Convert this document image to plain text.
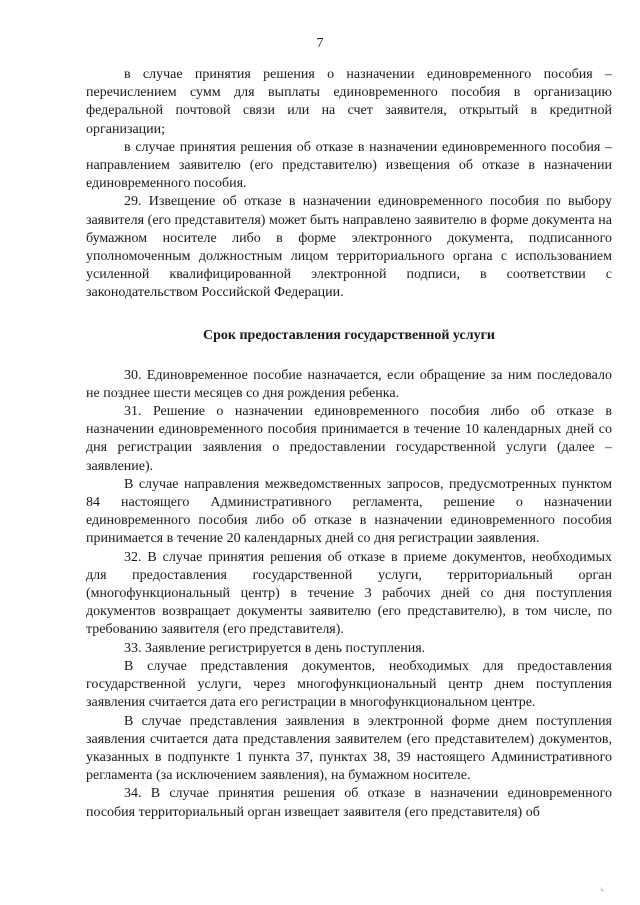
7

в случае принятия решения о назначении единовременного пособия – перечислением сумм для выплаты единовременного пособия в организацию федеральной почтовой связи или на счет заявителя, открытый в кредитной организации;

в случае принятия решения об отказе в назначении единовременного пособия – направлением заявителю (его представителю) извещения об отказе в назначении единовременного пособия.

29. Извещение об отказе в назначении единовременного пособия по выбору заявителя (его представителя) может быть направлено заявителю в форме документа на бумажном носителе либо в форме электронного документа, подписанного уполномоченным должностным лицом территориального органа с использованием усиленной квалифицированной электронной подписи, в соответствии с законодательством Российской Федерации.

Срок предоставления государственной услуги

30. Единовременное пособие назначается, если обращение за ним последовало не позднее шести месяцев со дня рождения ребенка.

31. Решение о назначении единовременного пособия либо об отказе в назначении единовременного пособия принимается в течение 10 календарных дней со дня регистрации заявления о предоставлении государственной услуги (далее – заявление).

В случае направления межведомственных запросов, предусмотренных пунктом 84 настоящего Административного регламента, решение о назначении единовременного пособия либо об отказе в назначении единовременного пособия принимается в течение 20 календарных дней со дня регистрации заявления.

32. В случае принятия решения об отказе в приеме документов, необходимых для предоставления государственной услуги, территориальный орган (многофункциональный центр) в течение 3 рабочих дней со дня поступления документов возвращает документы заявителю (его представителю), в том числе, по требованию заявителя (его представителя).

33. Заявление регистрируется в день поступления.

В случае представления документов, необходимых для предоставления государственной услуги, через многофункциональный центр днем поступления заявления считается дата его регистрации в многофункциональном центре.

В случае представления заявления в электронной форме днем поступления заявления считается дата представления заявителем (его представителем) документов, указанных в подпункте 1 пункта 37, пунктах 38, 39 настоящего Административного регламента (за исключением заявления), на бумажном носителе.

34. В случае принятия решения об отказе в назначении единовременного пособия территориальный орган извещает заявителя (его представителя) об

⌞
